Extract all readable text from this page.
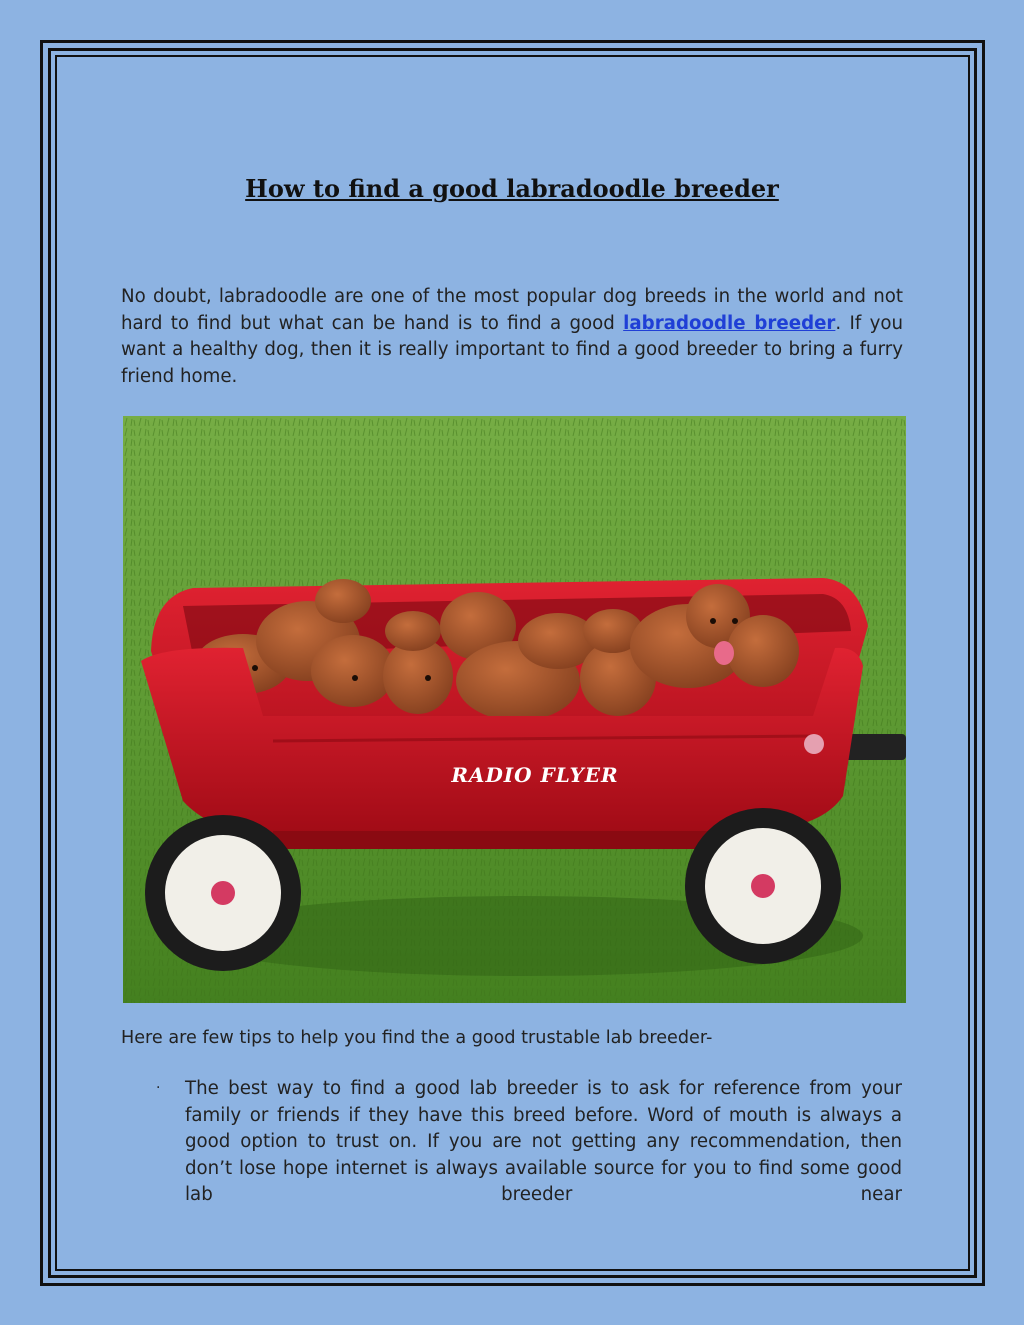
How to find a good labradoodle breeder

No doubt, labradoodle are one of the most popular dog breeds in the world and not hard to find but what can be hand is to find a good labradoodle breeder. If you want a healthy dog, then it is really important to find a good breeder to bring a furry friend home.

RADIO FLYER

Here are few tips to help you find the a good trustable lab breeder-

· The best way to find a good lab breeder is to ask for reference from your family or friends if they have this breed before. Word of mouth is always a good option to trust on. If you are not getting any recommendation, then don’t lose hope internet is always available source for you to find some good lab breeder near
